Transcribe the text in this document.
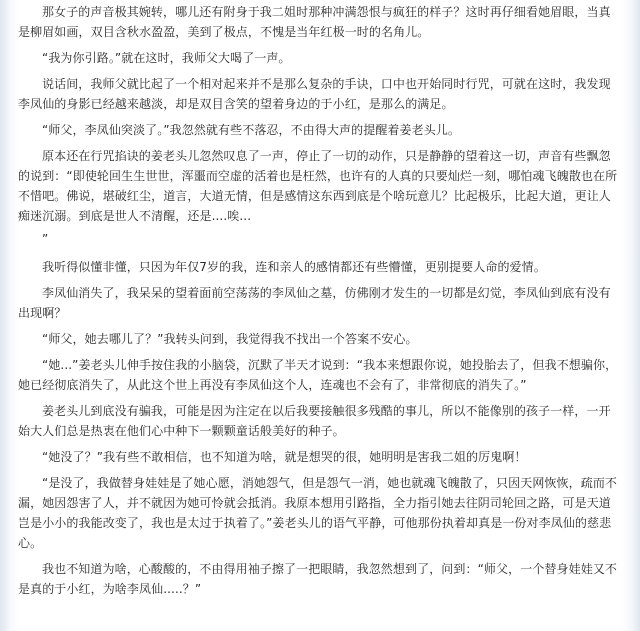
那女子的声音极其婉转，哪儿还有附身于我二姐时那种冲满怨恨与疯狂的样子？这时再仔细看她眉眼，当真是柳眉如画，双目含秋水盈盈，美到了极点，不愧是当年红极一时的名角儿。

“我为你引路。”就在这时，我师父大喝了一声。

说话间，我师父就比起了一个相对起来并不是那么复杂的手诀，口中也开始同时行咒，可就在这时，我发现李凤仙的身影已经越来越淡，却是双目含笑的望着身边的于小红，是那么的满足。

“师父，李凤仙突淡了。”我忽然就有些不落忍，不由得大声的提醒着姜老头儿。

原本还在行咒掐诀的姜老头儿忽然叹息了一声，停止了一切的动作，只是静静的望着这一切，声音有些飘忽的说到：“即使轮回生生世世，浑噩而空虚的活着也是枉然，也许有的人真的只要灿烂一刻，哪怕魂飞魄散也在所不惜吧。佛说，堪破红尘，道言，大道无情，但是感情这东西到底是个啥玩意儿？比起极乐，比起大道，更让人痴迷沉溺。到底是世人不清醒，还是....唉...

”

我听得似懂非懂，只因为年仅7岁的我，连和亲人的感情都还有些懵懂，更别提要人命的爱情。

李凤仙消失了，我呆呆的望着面前空荡荡的李凤仙之墓，仿佛刚才发生的一切都是幻觉，李凤仙到底有没有出现啊？

“师父，她去哪儿了？”我转头问到，我觉得我不找出一个答案不安心。

“她...”姜老头儿伸手按住我的小脑袋，沉默了半天才说到：“我本来想跟你说，她投胎去了，但我不想骗你，她已经彻底消失了，从此这个世上再没有李凤仙这个人，连魂也不会有了，非常彻底的消失了。”

姜老头儿到底没有骗我，可能是因为注定在以后我要接触很多残酷的事儿，所以不能像别的孩子一样，一开始大人们总是热衷在他们心中种下一颗颗童话般美好的种子。

“她没了？”我有些不敢相信，也不知道为啥，就是想哭的很，她明明是害我二姐的厉鬼啊！

“是没了，我做替身娃娃是了她心愿，消她怨气，但是怨气一消，她也就魂飞魄散了，只因天网恢恢，疏而不漏，她因怨害了人，并不就因为她可怜就会抵消。我原本想用引路指，全力指引她去往阴司轮回之路，可是天道岂是小小的我能改变了，我也是太过于执着了。”姜老头儿的语气平静，可他那份执着却真是一份对李凤仙的慈悲心。

我也不知道为啥，心酸酸的，不由得用袖子擦了一把眼睛，我忽然想到了，问到：“师父，一个替身娃娃又不是真的于小红，为啥李凤仙.....？”
